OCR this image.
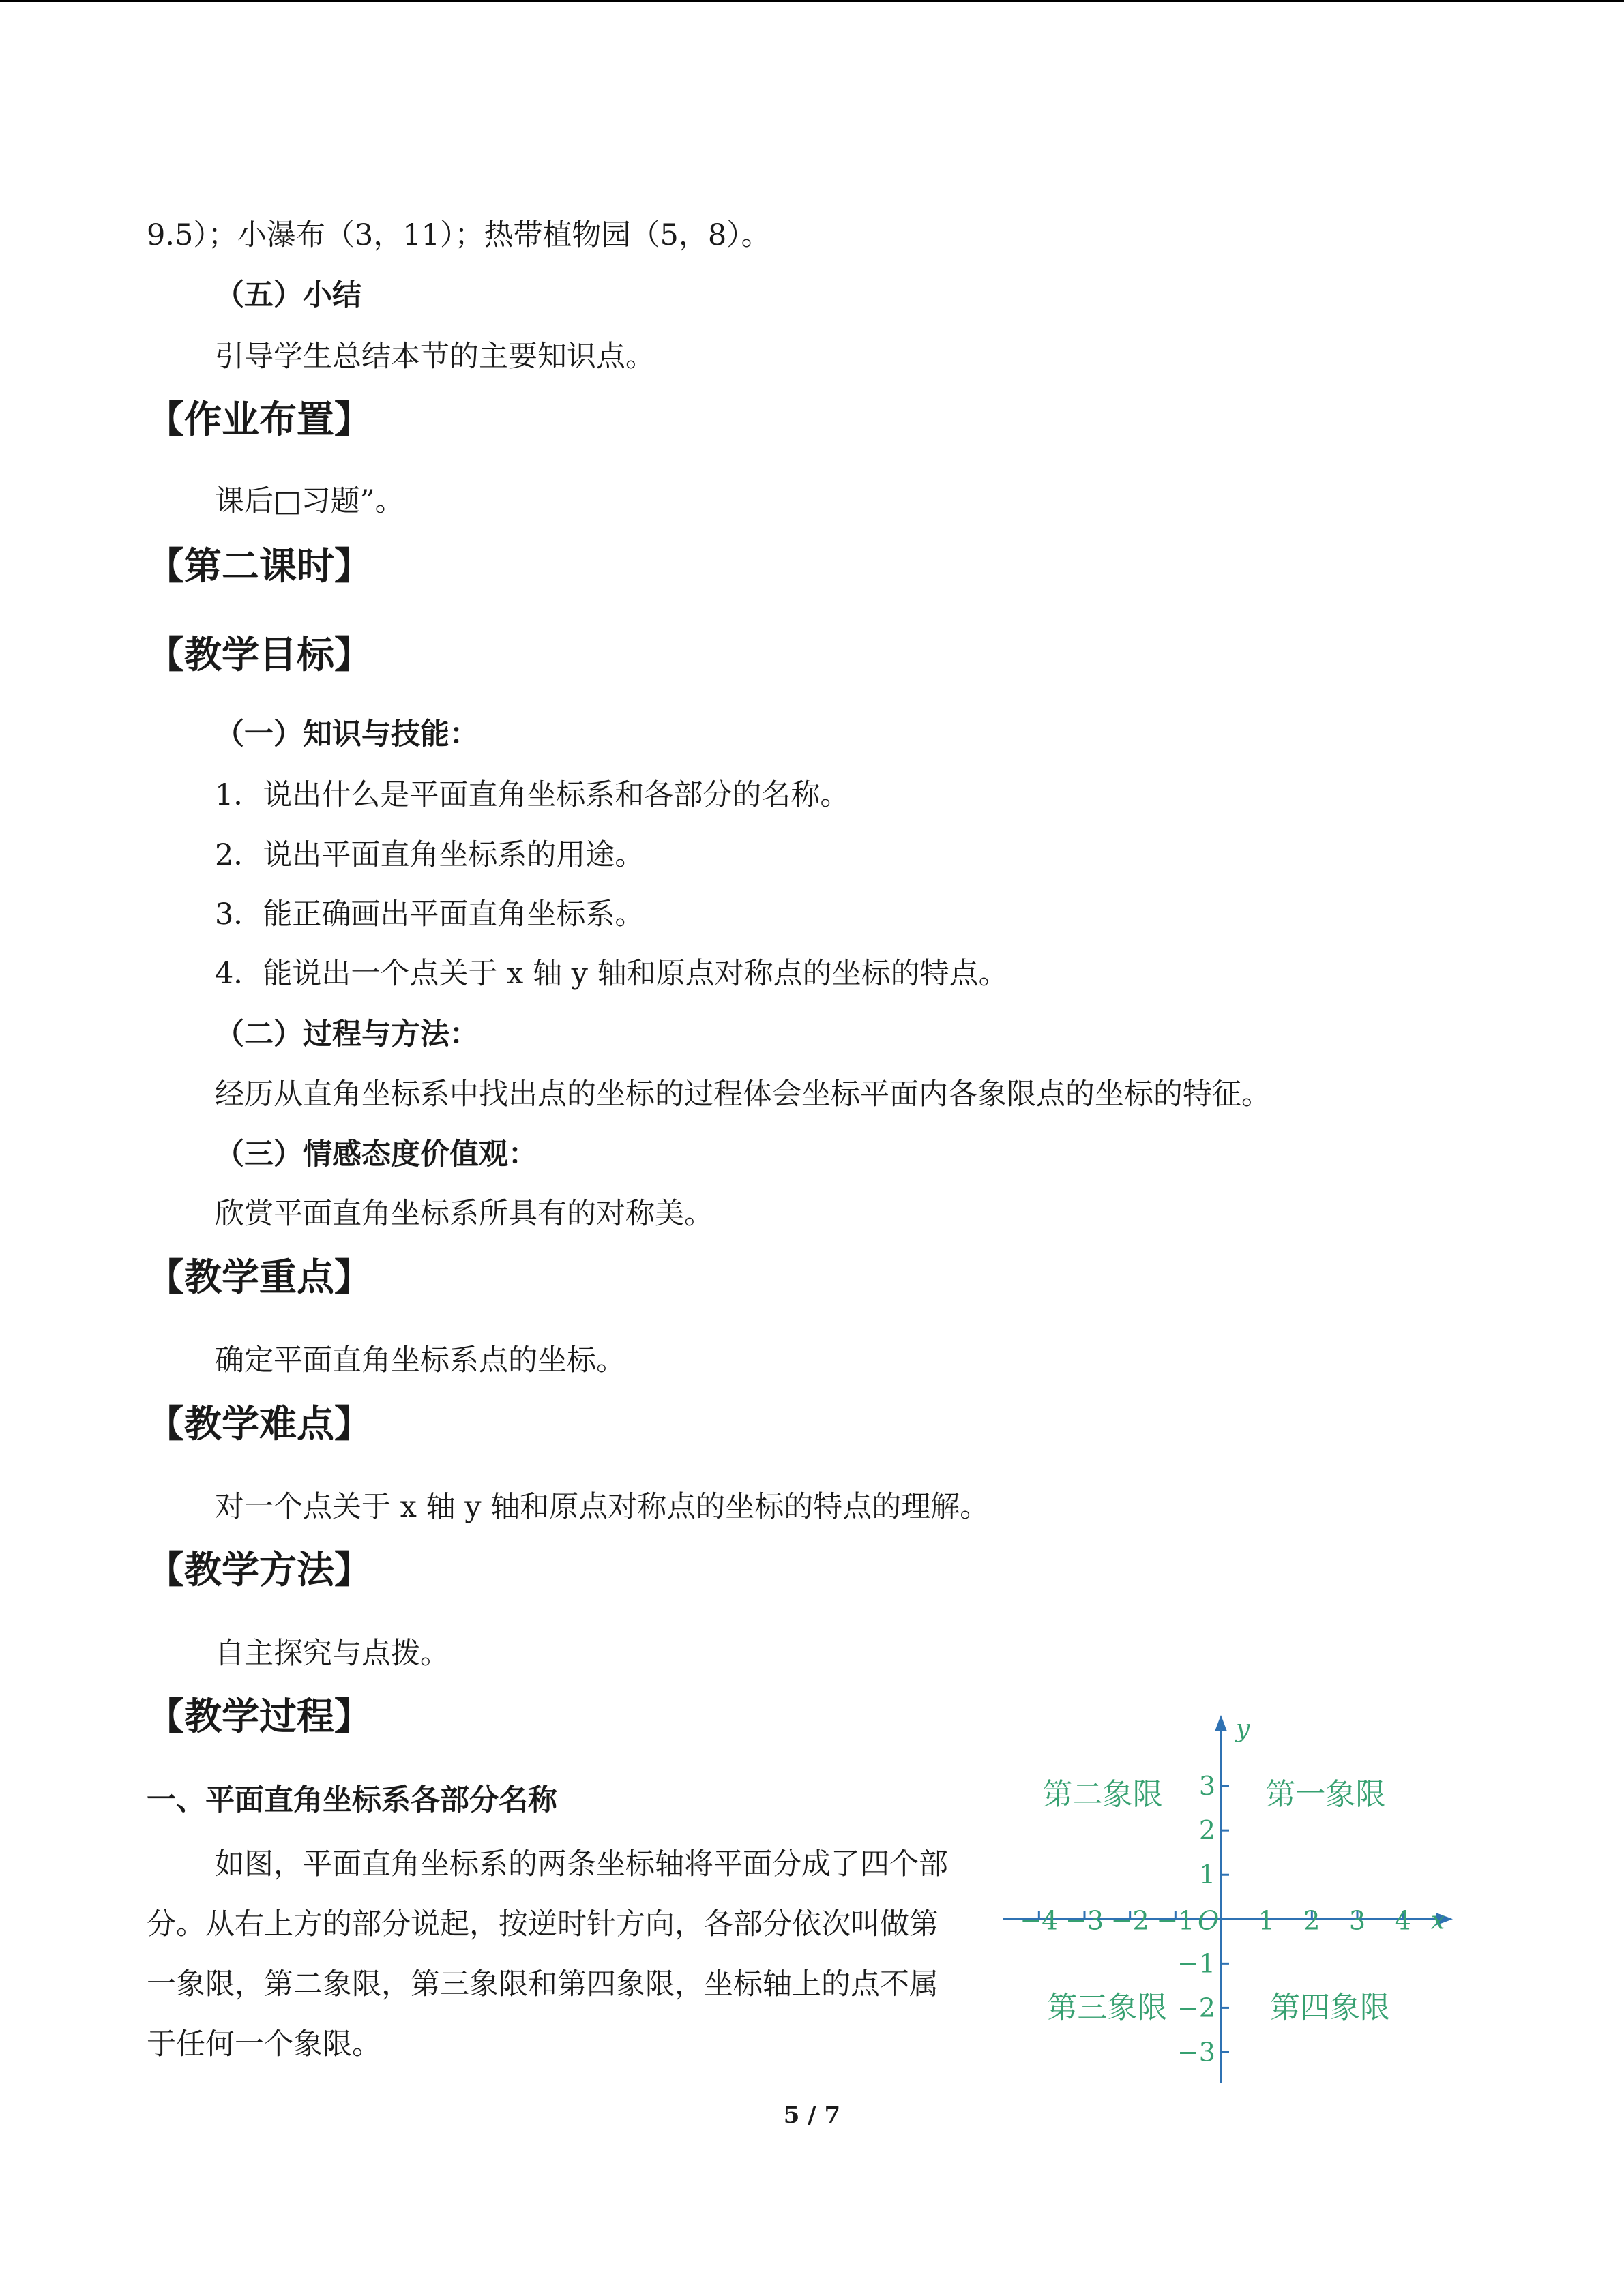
9.5）；小瀑布（3，11）；热带植物园（5，8）。
（五）小结
引导学生总结本节的主要知识点。
【作业布置】
课后□习题”。
【第二课时】
【教学目标】
（一）知识与技能：
1．说出什么是平面直角坐标系和各部分的名称。
2．说出平面直角坐标系的用途。
3．能正确画出平面直角坐标系。
4．能说出一个点关于 x 轴 y 轴和原点对称点的坐标的特点。
（二）过程与方法：
经历从直角坐标系中找出点的坐标的过程体会坐标平面内各象限点的坐标的特征。
（三）情感态度价值观：
欣赏平面直角坐标系所具有的对称美。
【教学重点】
确定平面直角坐标系点的坐标。
【教学难点】
对一个点关于 x 轴 y 轴和原点对称点的坐标的特点的理解。
【教学方法】
自主探究与点拨。
【教学过程】
一、平面直角坐标系各部分名称
如图，平面直角坐标系的两条坐标轴将平面分成了四个部分。从右上方的部分说起，按逆时针方向，各部分依次叫做第一象限，第二象限，第三象限和第四象限，坐标轴上的点不属于任何一个象限。
x
y
O
−4 −3 −2 −1 1 2 3 4
3
2
1
−1
−2
−3
第一象限
第二象限
第三象限	第四象限
5 / 7
